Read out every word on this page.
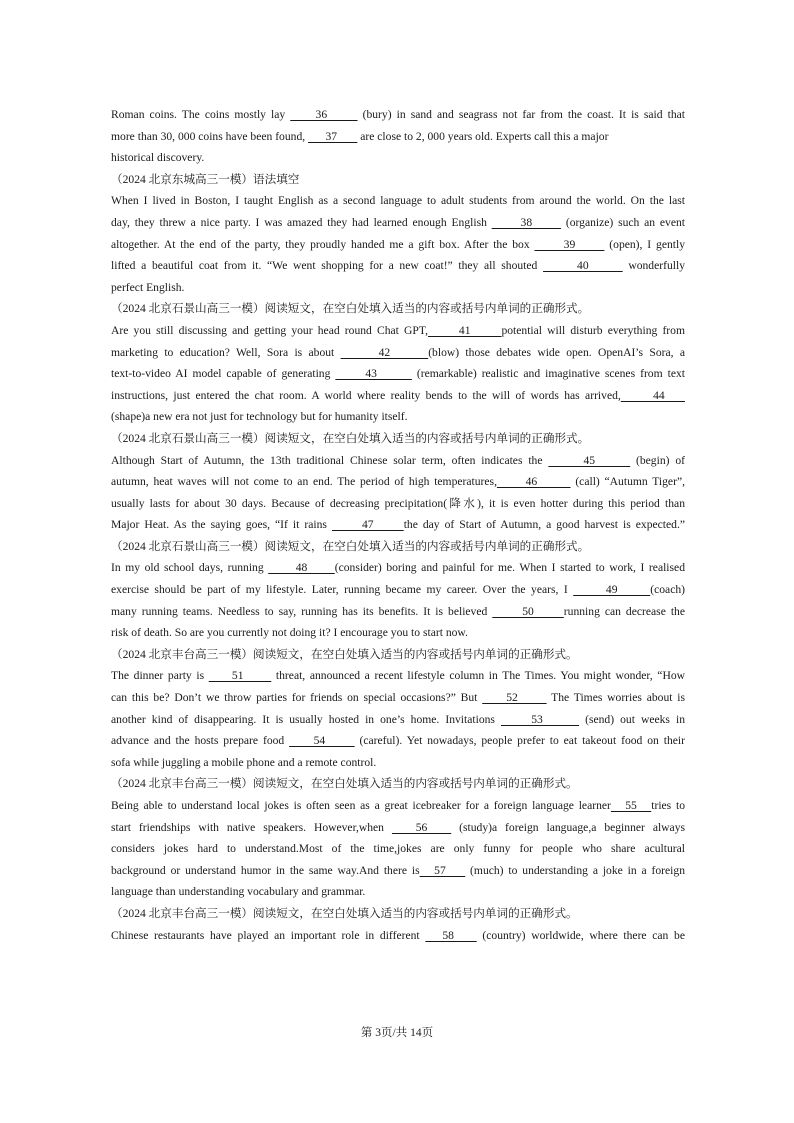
Roman coins. The coins mostly lay      36       (bury) in sand and seagrass not far from the coast. It is said that
more than 30, 000 coins have been found,       37        are close to 2, 000 years old. Experts call this a major
historical discovery.
（2024 北京东城高三一模）语法填空
When I lived in Boston, I taught English as a second language to adult students from around the world. On the last
day, they threw a nice party. I was amazed they had learned enough English       38       (organize) such an event
altogether. At the end of the party, they proudly handed me a gift box. After the box       39       (open), I gently
lifted a beautiful coat from it. “We went shopping for a new coat!” they all shouted       40       wonderfully
perfect English.
（2024 北京石景山高三一模）阅读短文，在空白处填入适当的内容或括号内单词的正确形式。
Are you still discussing and getting your head round Chat GPT,      41      potential will disturb everything from
marketing to education? Well, Sora is about       42      (blow) those debates wide open. OpenAI’s Sora, a
text-to-video AI model capable of generating       43        (remarkable) realistic and imaginative scenes from text
instructions, just entered the chat room. A world where reality bends to the will of words has arrived,      44
(shape)a new era not just for technology but for humanity itself.
（2024 北京石景山高三一模）阅读短文，在空白处填入适当的内容或括号内单词的正确形式。
Although Start of Autumn, the 13th traditional Chinese solar term, often indicates the       45       (begin) of
autumn, heat waves will not come to an end. The period of high temperatures,      46        (call) “Autumn Tiger”,
usually lasts for about 30 days. Because of decreasing precipitation(降水), it is even hotter during this period than
Major Heat. As the saying goes, “If it rains       47      the day of Start of Autumn, a good harvest is expected.”
（2024 北京石景山高三一模）阅读短文，在空白处填入适当的内容或括号内单词的正确形式。
In my old school days, running       48      (consider) boring and painful for me. When I started to work, I realised
exercise should be part of my lifestyle. Later, running became my career. Over the years, I       49      (coach)
many running teams. Needless to say, running has its benefits. It is believed       50      running can decrease the
risk of death. So are you currently not doing it? I encourage you to start now.
（2024 北京丰台高三一模）阅读短文，在空白处填入适当的内容或括号内单词的正确形式。
The dinner party is      51       threat, announced a recent lifestyle column in The Times. You might wonder, “How
can this be? Don’t we throw parties for friends on special occasions?” But      52       The Times worries about is
another kind of disappearing. It is usually hosted in one’s home. Invitations      53       (send) out weeks in
advance and the hosts prepare food      54       (careful). Yet nowadays, people prefer to eat takeout food on their
sofa while juggling a mobile phone and a remote control.
（2024 北京丰台高三一模）阅读短文，在空白处填入适当的内容或括号内单词的正确形式。
Being able to understand local jokes is often seen as a great icebreaker for a foreign language learner   55   tries to
start friendships with native speakers. However,when    56    (study)a foreign language,a beginner always
considers jokes hard to understand.Most of the time,jokes are only funny for people who share acultural
background or understand humor in the same way.And there is   57     (much) to understanding a joke in a foreign
language than understanding vocabulary and grammar.
（2024 北京丰台高三一模）阅读短文，在空白处填入适当的内容或括号内单词的正确形式。
Chinese restaurants have played an important role in different    58     (country) worldwide, where there can be
第 3页/共 14页
